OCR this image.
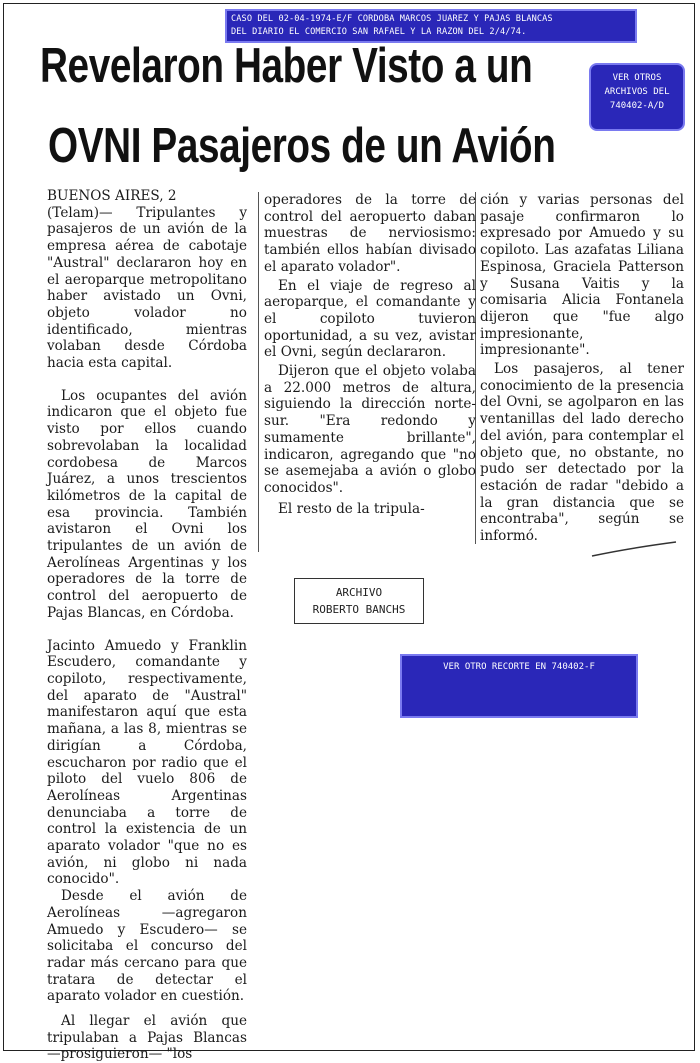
CASO DEL 02-04-1974-E/F CORDOBA MARCOS JUAREZ Y PAJAS BLANCAS
DEL DIARIO EL COMERCIO SAN RAFAEL Y LA RAZON DEL 2/4/74.
Revelaron Haber Visto a un
OVNI Pasajeros de un Avión
VER OTROS
ARCHIVOS DEL
740402-A/D

BUENOS AIRES, 2
(Telam)— Tripulantes y pasajeros de un avión de la empresa aérea de cabotaje "Austral" declararon hoy en el aeroparque metropolitano haber avistado un Ovni, objeto volador no identificado, mientras volaban desde Córdoba hacia esta capital.

Los ocupantes del avión indicaron que el objeto fue visto por ellos cuando sobrevolaban la localidad cordobesa de Marcos Juárez, a unos trescientos kilómetros de la capital de esa provincia. También avistaron el Ovni los tripulantes de un avión de Aerolíneas Argentinas y los operadores de la torre de control del aeropuerto de Pajas Blancas, en Córdoba.

Jacinto Amuedo y Franklin Escudero, comandante y copiloto, respectivamente, del aparato de "Austral" manifestaron aquí que esta mañana, a las 8, mientras se dirigían a Córdoba, escucharon por radio que el piloto del vuelo 806 de Aerolíneas Argentinas denunciaba a torre de control la existencia de un aparato volador "que no es avión, ni globo ni nada conocido".

Desde el avión de Aerolíneas —agregaron Amuedo y Escudero— se solicitaba el concurso del radar más cercano para que tratara de detectar el aparato volador en cuestión.

Al llegar el avión que tripulaban a Pajas Blancas —prosiguieron— "los

operadores de la torre de control del aeropuerto daban muestras de nerviosismo: también ellos habían divisado el aparato volador".

En el viaje de regreso al aeroparque, el comandante y el copiloto tuvieron oportunidad, a su vez, avistar el Ovni, según declararon.

Dijeron que el objeto volaba a 22.000 metros de altura, siguiendo la dirección norte-sur. "Era redondo y sumamente brillante", indicaron, agregando que "no se asemejaba a avión o globo conocidos".

El resto de la tripula-

ción y varias personas del pasaje confirmaron lo expresado por Amuedo y su copiloto. Las azafatas Liliana Espinosa, Graciela Patterson y Susana Vaitis y la comisaria Alicia Fontanela dijeron que "fue algo impresionante, impresionante".

Los pasajeros, al tener conocimiento de la presencia del Ovni, se agolparon en las ventanillas del lado derecho del avión, para contemplar el objeto que, no obstante, no pudo ser detectado por la estación de radar "debido a la gran distancia que se encontraba", según se informó.

ARCHIVO
ROBERTO BANCHS
VER OTRO RECORTE EN 740402-F
